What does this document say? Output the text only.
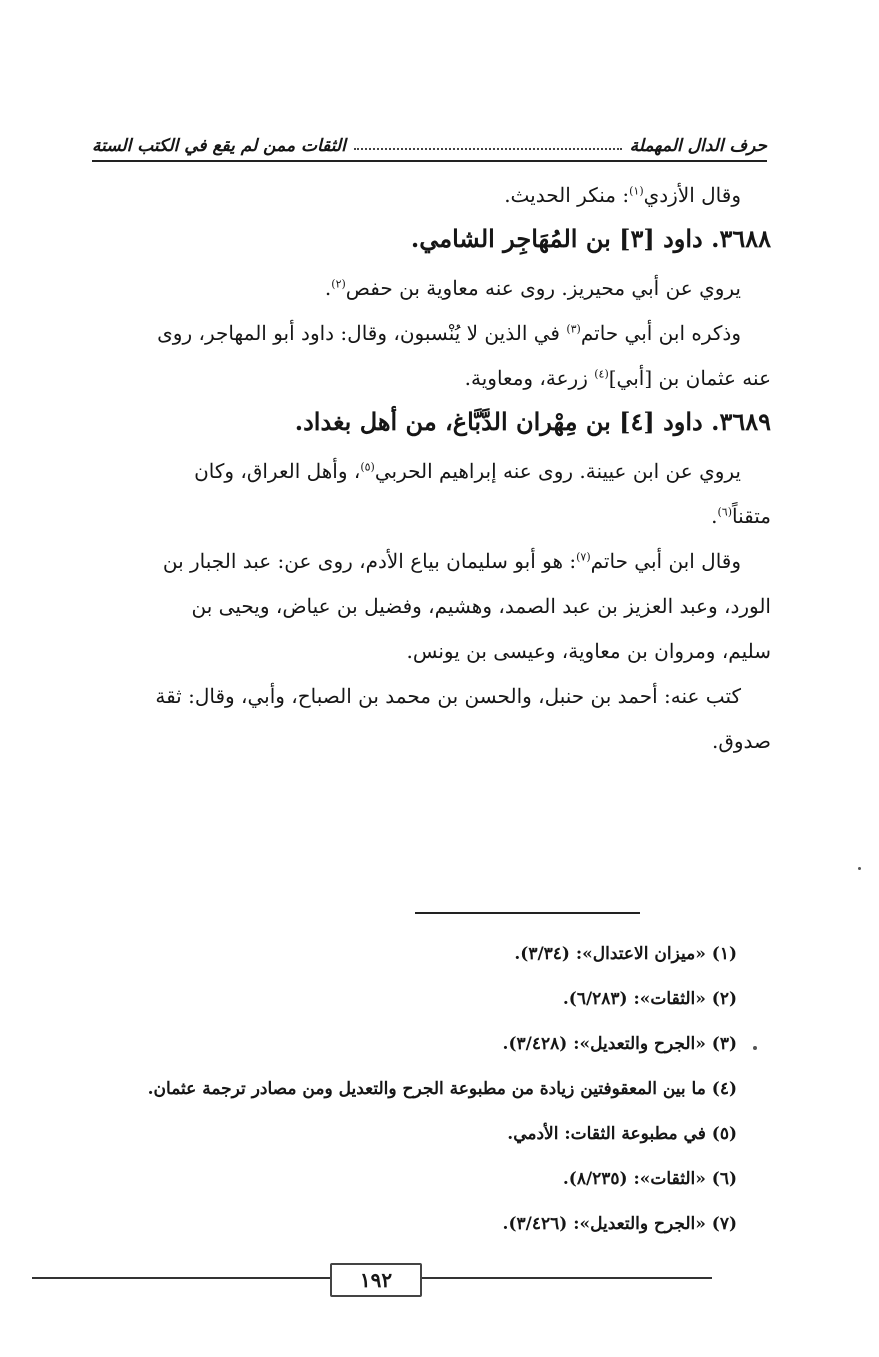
حرف الدال المهملة
الثقات ممن لم يقع في الكتب الستة

وقال الأزدي$^{(١)}$: منكر الحديث.

٣٦٨٨. داود [٣] بن المُهَاجِر الشامي.

يروي عن أبي محيريز. روى عنه معاوية بن حفص$^{(٢)}$.

وذكره ابن أبي حاتم$^{(٣)}$ في الذين لا يُنْسبون، وقال: داود أبو المهاجر، روى

عنه عثمان بن [أبي]$^{(٤)}$ زرعة، ومعاوية.

٣٦٨٩. داود [٤] بن مِهْران الدَّبَّاغ، من أهل بغداد.

يروي عن ابن عيينة. روى عنه إبراهيم الحربي$^{(٥)}$، وأهل العراق، وكان

متقناً$^{(٦)}$.

وقال ابن أبي حاتم$^{(٧)}$: هو أبو سليمان بياع الأدم، روى عن: عبد الجبار بن

الورد، وعبد العزيز بن عبد الصمد، وهشيم، وفضيل بن عياض، ويحيى بن

سليم، ومروان بن معاوية، وعيسى بن يونس.

كتب عنه: أحمد بن حنبل، والحسن بن محمد بن الصباح، وأبي، وقال: ثقة

صدوق.

(١) «ميزان الاعتدال»: (٣/٣٤).

(٢) «الثقات»: (٦/٢٨٣).

(٣) «الجرح والتعديل»: (٣/٤٢٨).

(٤) ما بين المعقوفتين زيادة من مطبوعة الجرح والتعديل ومن مصادر ترجمة عثمان.

(٥) في مطبوعة الثقات: الأدمي.

(٦) «الثقات»: (٨/٢٣٥).

(٧) «الجرح والتعديل»: (٣/٤٢٦).

١٩٢
